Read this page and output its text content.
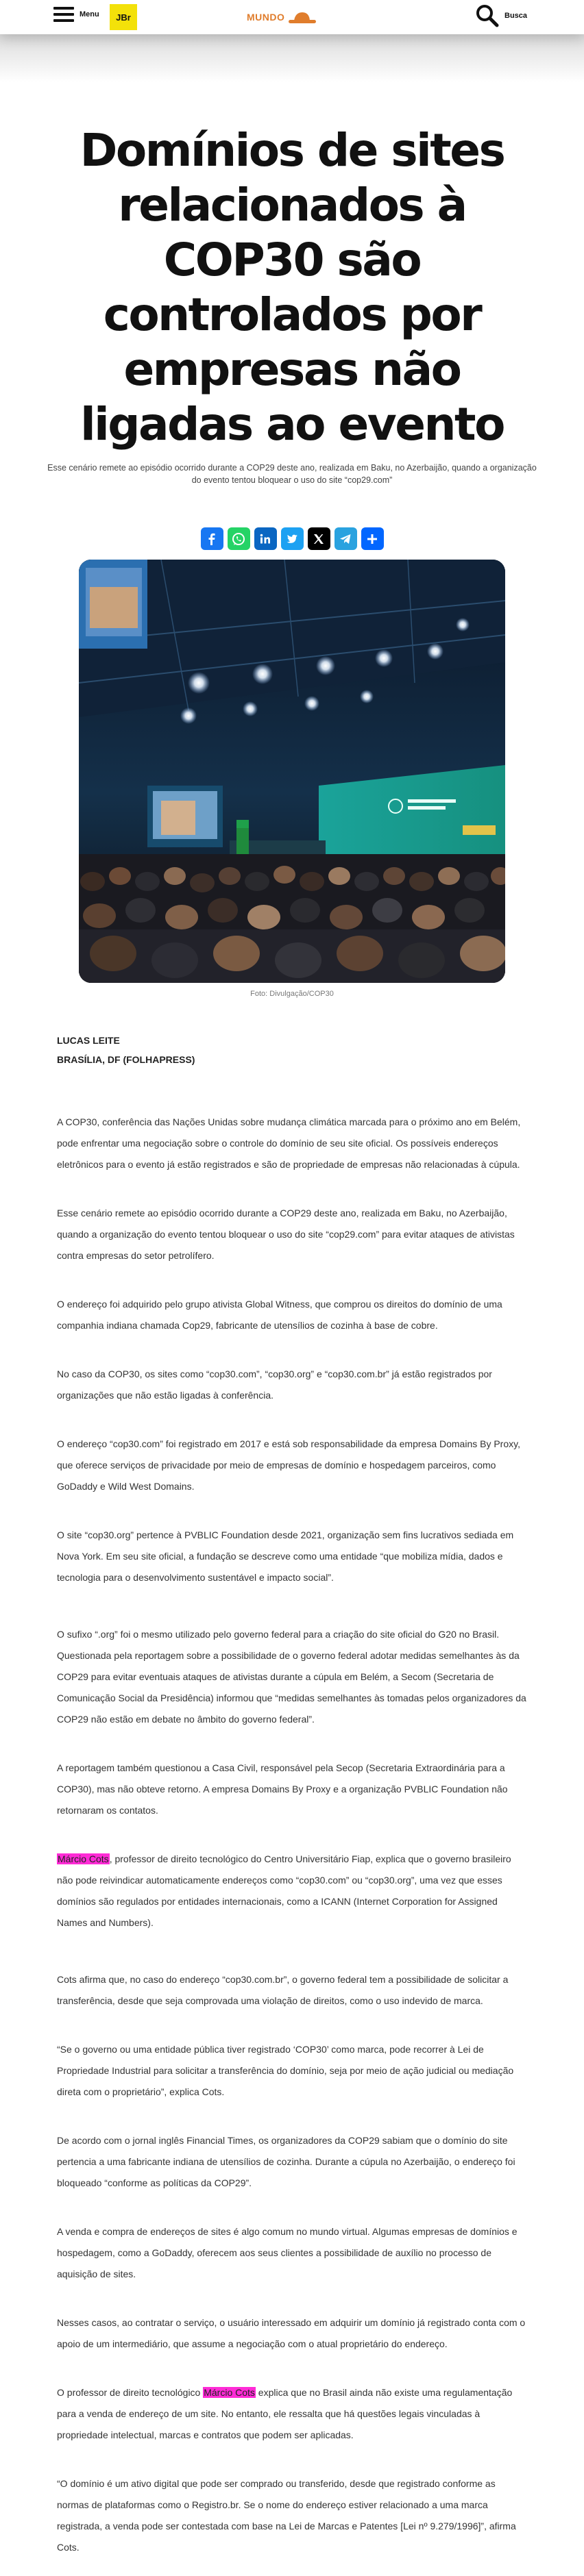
Menu	JBr	MUNDO	Busca
Domínios de sites relacionados à COP30 são controlados por empresas não ligadas ao evento

Esse cenário remete ao episódio ocorrido durante a COP29 deste ano, realizada em Baku, no Azerbaijão, quando a organização do evento tentou bloquear o uso do site “cop29.com”

Foto: Divulgação/COP30

LUCAS LEITE
BRASÍLIA, DF (FOLHAPRESS)

A COP30, conferência das Nações Unidas sobre mudança climática marcada para o próximo ano em Belém, pode enfrentar uma negociação sobre o controle do domínio de seu site oficial. Os possíveis endereços eletrônicos para o evento já estão registrados e são de propriedade de empresas não relacionadas à cúpula.

Esse cenário remete ao episódio ocorrido durante a COP29 deste ano, realizada em Baku, no Azerbaijão, quando a organização do evento tentou bloquear o uso do site “cop29.com” para evitar ataques de ativistas contra empresas do setor petrolífero.

O endereço foi adquirido pelo grupo ativista Global Witness, que comprou os direitos do domínio de uma companhia indiana chamada Cop29, fabricante de utensílios de cozinha à base de cobre.

No caso da COP30, os sites como “cop30.com”, “cop30.org” e “cop30.com.br” já estão registrados por organizações que não estão ligadas à conferência.

O endereço “cop30.com” foi registrado em 2017 e está sob responsabilidade da empresa Domains By Proxy, que oferece serviços de privacidade por meio de empresas de domínio e hospedagem parceiros, como GoDaddy e Wild West Domains.

O site “cop30.org” pertence à PVBLIC Foundation desde 2021, organização sem fins lucrativos sediada em Nova York. Em seu site oficial, a fundação se descreve como uma entidade “que mobiliza mídia, dados e tecnologia para o desenvolvimento sustentável e impacto social”.

O sufixo “.org” foi o mesmo utilizado pelo governo federal para a criação do site oficial do G20 no Brasil.

Questionada pela reportagem sobre a possibilidade de o governo federal adotar medidas semelhantes às da COP29 para evitar eventuais ataques de ativistas durante a cúpula em Belém, a Secom (Secretaria de Comunicação Social da Presidência) informou que “medidas semelhantes às tomadas pelos organizadores da COP29 não estão em debate no âmbito do governo federal”.

A reportagem também questionou a Casa Civil, responsável pela Secop (Secretaria Extraordinária para a COP30), mas não obteve retorno. A empresa Domains By Proxy e a organização PVBLIC Foundation não retornaram os contatos.

Márcio Cots, professor de direito tecnológico do Centro Universitário Fiap, explica que o governo brasileiro não pode reivindicar automaticamente endereços como “cop30.com” ou “cop30.org”, uma vez que esses domínios são regulados por entidades internacionais, como a ICANN (Internet Corporation for Assigned Names and Numbers).

Cots afirma que, no caso do endereço “cop30.com.br”, o governo federal tem a possibilidade de solicitar a transferência, desde que seja comprovada uma violação de direitos, como o uso indevido de marca.

“Se o governo ou uma entidade pública tiver registrado ‘COP30’ como marca, pode recorrer à Lei de Propriedade Industrial para solicitar a transferência do domínio, seja por meio de ação judicial ou mediação direta com o proprietário”, explica Cots.

De acordo com o jornal inglês Financial Times, os organizadores da COP29 sabiam que o domínio do site pertencia a uma fabricante indiana de utensílios de cozinha. Durante a cúpula no Azerbaijão, o endereço foi bloqueado “conforme as políticas da COP29”.

A venda e compra de endereços de sites é algo comum no mundo virtual. Algumas empresas de domínios e hospedagem, como a GoDaddy, oferecem aos seus clientes a possibilidade de auxílio no processo de aquisição de sites.

Nesses casos, ao contratar o serviço, o usuário interessado em adquirir um domínio já registrado conta com o apoio de um intermediário, que assume a negociação com o atual proprietário do endereço.

O professor de direito tecnológico Márcio Cots explica que no Brasil ainda não existe uma regulamentação para a venda de endereço de um site. No entanto, ele ressalta que há questões legais vinculadas à propriedade intelectual, marcas e contratos que podem ser aplicadas.

“O domínio é um ativo digital que pode ser comprado ou transferido, desde que registrado conforme as normas de plataformas como o Registro.br. Se o nome do endereço estiver relacionado a uma marca registrada, a venda pode ser contestada com base na Lei de Marcas e Patentes [Lei nº 9.279/1996]”, afirma Cots.
